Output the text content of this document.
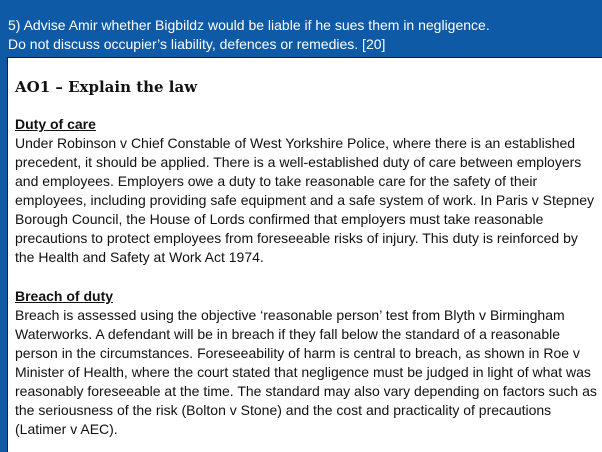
5) Advise Amir whether Bigbildz would be liable if he sues them in negligence.
Do not discuss occupier’s liability, defences or remedies. [20]
AO1 – Explain the law
Duty of care
Under Robinson v Chief Constable of West Yorkshire Police, where there is an established
precedent, it should be applied. There is a well-established duty of care between employers
and employees. Employers owe a duty to take reasonable care for the safety of their
employees, including providing safe equipment and a safe system of work. In Paris v Stepney
Borough Council, the House of Lords confirmed that employers must take reasonable
precautions to protect employees from foreseeable risks of injury. This duty is reinforced by
the Health and Safety at Work Act 1974.
Breach of duty
Breach is assessed using the objective ‘reasonable person’ test from Blyth v Birmingham
Waterworks. A defendant will be in breach if they fall below the standard of a reasonable
person in the circumstances. Foreseeability of harm is central to breach, as shown in Roe v
Minister of Health, where the court stated that negligence must be judged in light of what was
reasonably foreseeable at the time. The standard may also vary depending on factors such as
the seriousness of the risk (Bolton v Stone) and the cost and practicality of precautions
(Latimer v AEC).
